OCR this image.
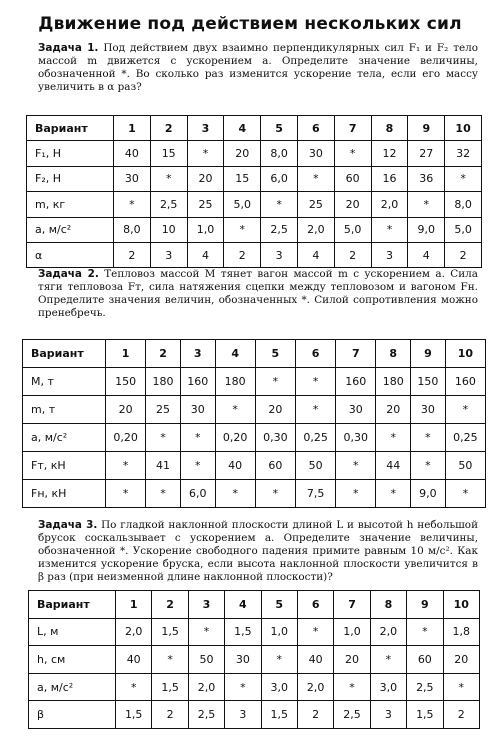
Движение под действием нескольких сил
Задача 1. Под действием двух взаимно перпендикулярных сил F₁ и F₂ тело массой m движется с ускорением a. Определите значение величины, обозначенной *. Во сколько раз изменится ускорение тела, если его массу увеличить в α раз?
Вариант	1	2	3	4	5	6	7	8	9	10
F₁, Н	40	15	*	20	8,0	30	*	12	27	32
F₂, Н	30	*	20	15	6,0	*	60	16	36	*
m, кг	*	2,5	25	5,0	*	25	20	2,0	*	8,0
a, м/с²	8,0	10	1,0	*	2,5	2,0	5,0	*	9,0	5,0
α	2	3	4	2	3	4	2	3	4	2
Задача 2. Тепловоз массой M тянет вагон массой m с ускорением a. Сила тяги тепловоза Fт, сила натяжения сцепки между тепловозом и вагоном Fн. Определите значения величин, обозначенных *. Силой сопротивления можно пренебречь.
Вариант	1	2	3	4	5	6	7	8	9	10
M, т	150	180	160	180	*	*	160	180	150	160
m, т	20	25	30	*	20	*	30	20	30	*
a, м/с²	0,20	*	*	0,20	0,30	0,25	0,30	*	*	0,25
Fт, кН	*	41	*	40	60	50	*	44	*	50
Fн, кН	*	*	6,0	*	*	7,5	*	*	9,0	*
Задача 3. По гладкой наклонной плоскости длиной L и высотой h небольшой брусок соскальзывает с ускорением a. Определите значение величины, обозначенной *. Ускорение свободного падения примите равным 10 м/с². Как изменится ускорение бруска, если высота наклонной плоскости увеличится в β раз (при неизменной длине наклонной плоскости)?
Вариант	1	2	3	4	5	6	7	8	9	10
L, м	2,0	1,5	*	1,5	1,0	*	1,0	2,0	*	1,8
h, см	40	*	50	30	*	40	20	*	60	20
a, м/с²	*	1,5	2,0	*	3,0	2,0	*	3,0	2,5	*
β	1,5	2	2,5	3	1,5	2	2,5	3	1,5	2
